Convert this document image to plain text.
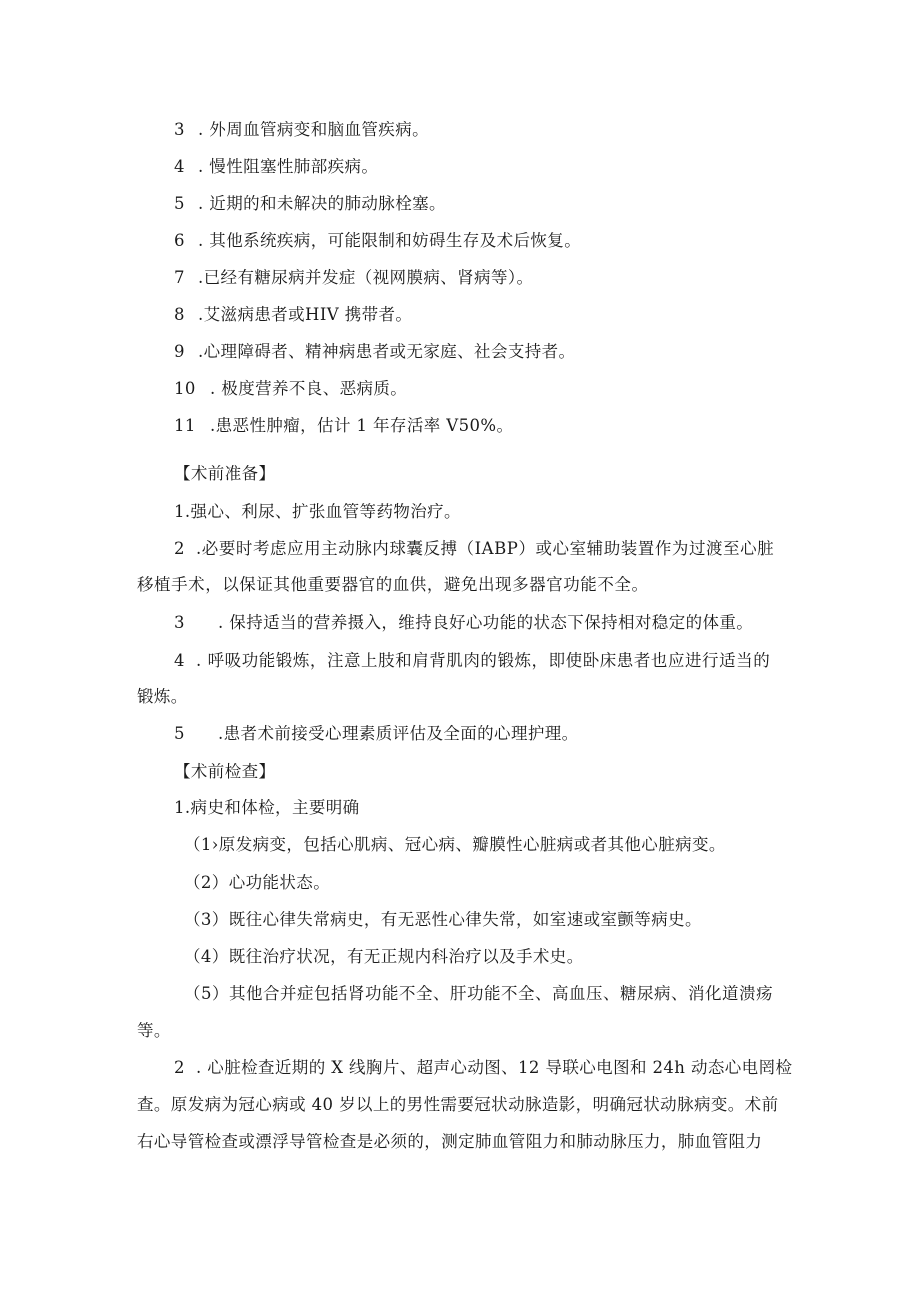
3 . 外周血管病变和脑血管疾病。
4 . 慢性阻塞性肺部疾病。
5 . 近期的和未解决的肺动脉栓塞。
6 . 其他系统疾病，可能限制和妨碍生存及术后恢复。
7 .已经有糖尿病并发症（视网膜病、肾病等）。
8 .艾滋病患者或HIV 携带者。
9 .心理障碍者、精神病患者或无家庭、社会支持者。
10 . 极度营养不良、恶病质。
11 .患恶性肿瘤，估计 1 年存活率 V50%。
【术前准备】
1.强心、利尿、扩张血管等药物治疗。
2 .必要时考虑应用主动脉内球囊反搏（IABP）或心室辅助装置作为过渡至心脏
移植手术，以保证其他重要器官的血供，避免出现多器官功能不全。
3 . 保持适当的营养摄入，维持良好心功能的状态下保持相对稳定的体重。
4 . 呼吸功能锻炼，注意上肢和肩背肌肉的锻炼，即使卧床患者也应进行适当的
锻炼。
5 .患者术前接受心理素质评估及全面的心理护理。
【术前检查】
1.病史和体检，主要明确
（1›原发病变，包括心肌病、冠心病、瓣膜性心脏病或者其他心脏病变。
（2）心功能状态。
（3）既往心律失常病史，有无恶性心律失常，如室速或室颤等病史。
（4）既往治疗状况，有无正规内科治疗以及手术史。
（5）其他合并症包括肾功能不全、肝功能不全、高血压、糖尿病、消化道溃疡
等。
2 . 心脏检查近期的 X 线胸片、超声心动图、12 导联心电图和 24h 动态心电罔检
查。原发病为冠心病或 40 岁以上的男性需要冠状动脉造影，明确冠状动脉病变。术前
右心导管检查或漂浮导管检查是必须的，测定肺血管阻力和肺动脉压力，肺血管阻力
